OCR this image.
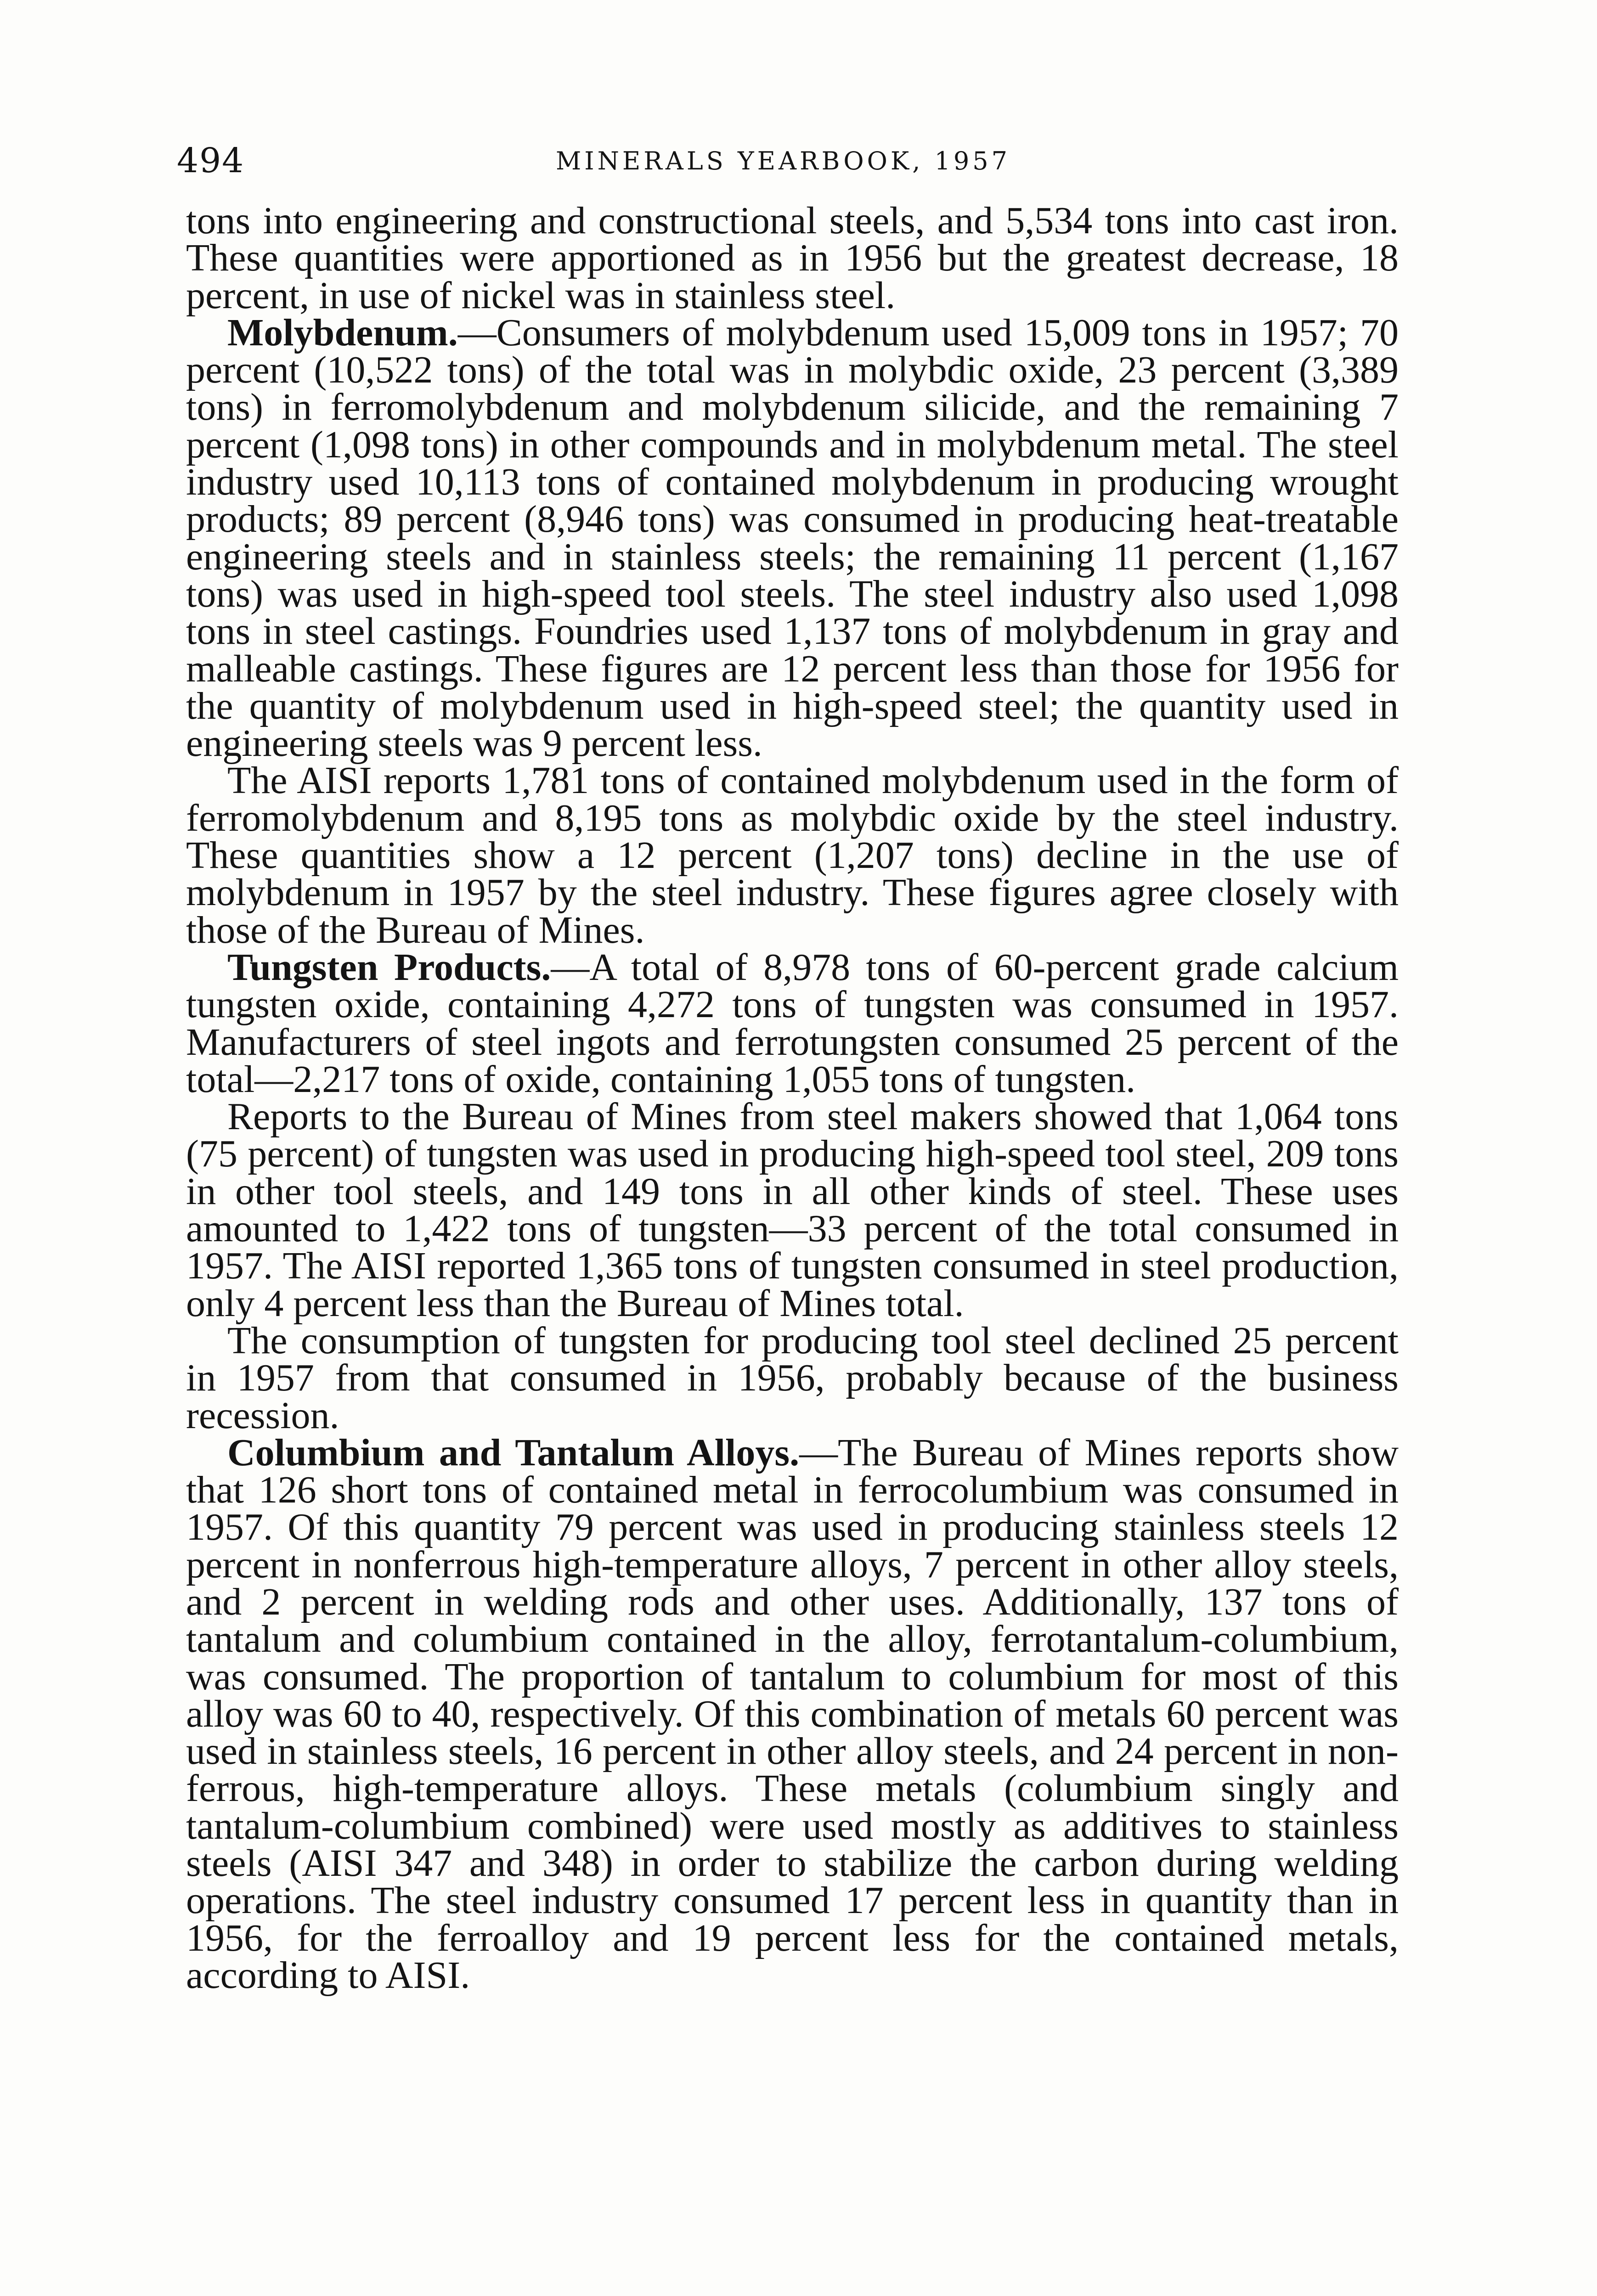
494	MINERALS YEARBOOK, 1957

tons into engineering and constructional steels, and 5,534 tons into cast iron. These quantities were apportioned as in 1956 but the greatest decrease, 18 percent, in use of nickel was in stainless steel.

Molybdenum.—Consumers of molybdenum used 15,009 tons in 1957; 70 percent (10,522 tons) of the total was in molybdic oxide, 23 percent (3,389 tons) in ferromolybdenum and molybdenum silicide, and the remaining 7 percent (1,098 tons) in other compounds and in molybdenum metal. The steel industry used 10,113 tons of contained molybdenum in producing wrought products; 89 percent (8,946 tons) was consumed in producing heat-treatable engineering steels and in stainless steels; the remaining 11 percent (1,167 tons) was used in high-speed tool steels. The steel industry also used 1,098 tons in steel castings. Foundries used 1,137 tons of molybdenum in gray and malleable castings. These figures are 12 percent less than those for 1956 for the quantity of molybdenum used in high-speed steel; the quantity used in engineering steels was 9 percent less.

The AISI reports 1,781 tons of contained molybdenum used in the form of ferromolybdenum and 8,195 tons as molybdic oxide by the steel industry. These quantities show a 12 percent (1,207 tons) decline in the use of molybdenum in 1957 by the steel industry. These figures agree closely with those of the Bureau of Mines.

Tungsten Products.—A total of 8,978 tons of 60-percent grade calcium tungsten oxide, containing 4,272 tons of tungsten was consumed in 1957. Manufacturers of steel ingots and ferrotungsten consumed 25 percent of the total—2,217 tons of oxide, containing 1,055 tons of tungsten.

Reports to the Bureau of Mines from steel makers showed that 1,064 tons (75 percent) of tungsten was used in producing high-speed tool steel, 209 tons in other tool steels, and 149 tons in all other kinds of steel. These uses amounted to 1,422 tons of tungsten—33 percent of the total consumed in 1957. The AISI reported 1,365 tons of tungsten consumed in steel production, only 4 percent less than the Bureau of Mines total.

The consumption of tungsten for producing tool steel declined 25 percent in 1957 from that consumed in 1956, probably because of the business recession.

Columbium and Tantalum Alloys.—The Bureau of Mines reports show that 126 short tons of contained metal in ferrocolumbium was consumed in 1957. Of this quantity 79 percent was used in producing stainless steels 12 percent in nonferrous high-temperature alloys, 7 percent in other alloy steels, and 2 percent in welding rods and other uses. Additionally, 137 tons of tantalum and columbium contained in the alloy, ferrotantalum-columbium, was consumed. The proportion of tantalum to columbium for most of this alloy was 60 to 40, respectively. Of this combination of metals 60 percent was used in stainless steels, 16 percent in other alloy steels, and 24 percent in non-ferrous, high-temperature alloys. These metals (columbium singly and tantalum-columbium combined) were used mostly as additives to stainless steels (AISI 347 and 348) in order to stabilize the carbon during welding operations. The steel industry consumed 17 percent less in quantity than in 1956, for the ferroalloy and 19 percent less for the contained metals, according to AISI.
